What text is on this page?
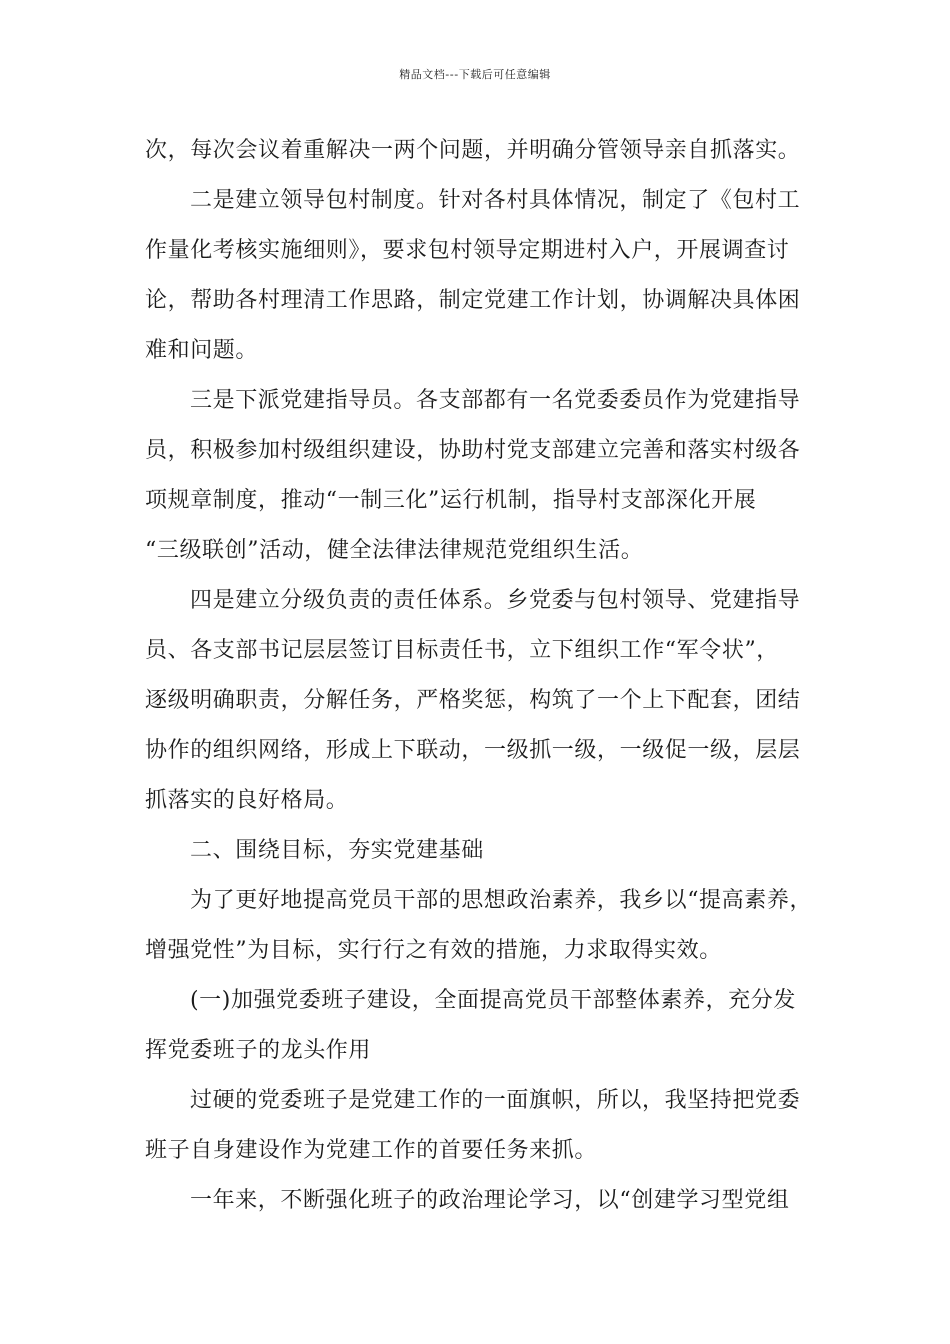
精品文档---下载后可任意编辑
次，每次会议着重解决一两个问题，并明确分管领导亲自抓落实。
二是建立领导包村制度。针对各村具体情况，制定了《包村工
作量化考核实施细则》，要求包村领导定期进村入户，开展调查讨
论，帮助各村理清工作思路，制定党建工作计划，协调解决具体困
难和问题。
三是下派党建指导员。各支部都有一名党委委员作为党建指导
员，积极参加村级组织建设，协助村党支部建立完善和落实村级各
项规章制度，推动“一制三化”运行机制，指导村支部深化开展
“三级联创”活动，健全法律法律规范党组织生活。
四是建立分级负责的责任体系。乡党委与包村领导、党建指导
员、各支部书记层层签订目标责任书，立下组织工作“军令状”，
逐级明确职责，分解任务，严格奖惩，构筑了一个上下配套，团结
协作的组织网络，形成上下联动，一级抓一级，一级促一级，层层
抓落实的良好格局。
二、围绕目标，夯实党建基础
为了更好地提高党员干部的思想政治素养，我乡以“提高素养，
增强党性”为目标，实行行之有效的措施，力求取得实效。
(一)加强党委班子建设，全面提高党员干部整体素养，充分发
挥党委班子的龙头作用
过硬的党委班子是党建工作的一面旗帜，所以，我坚持把党委
班子自身建设作为党建工作的首要任务来抓。
一年来，不断强化班子的政治理论学习，以“创建学习型党组
